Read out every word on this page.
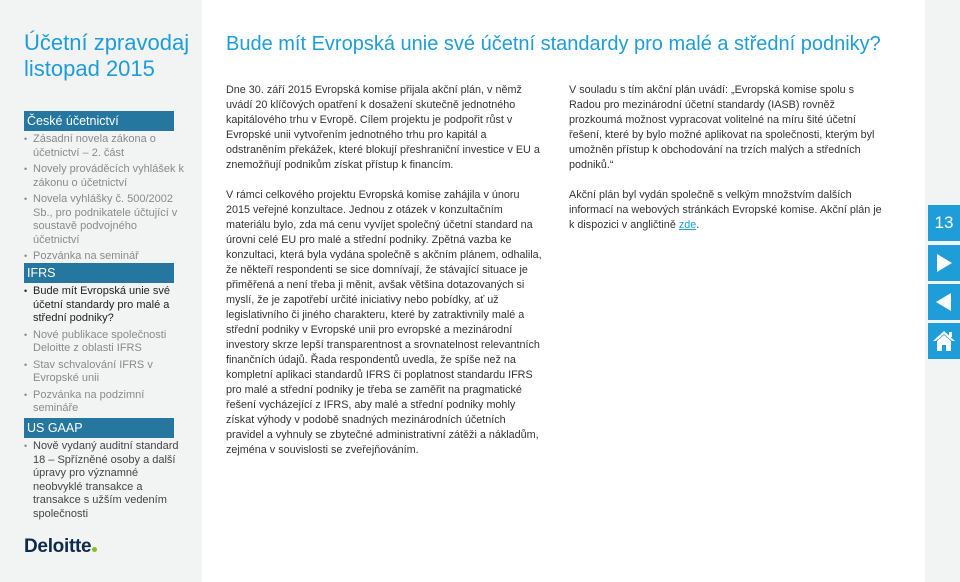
Účetní zpravodaj
listopad 2015
České účetnictví
• Zásadní novela zákona o účetnictví – 2. část
• Novely prováděcích vyhlášek k zákonu o účetnictví
• Novela vyhlášky č. 500/2002 Sb., pro podnikatele účtující v soustavě podvojného účetnictví
• Pozvánka na seminář
IFRS
• Bude mít Evropská unie své účetní standardy pro malé a střední podniky?
• Nové publikace společnosti Deloitte z oblasti IFRS
• Stav schvalování IFRS v Evropské unii
• Pozvánka na podzimní semináře
US GAAP
• Nově vydaný auditní standard 18 – Spřízněné osoby a další úpravy pro významné neobvyklé transakce a transakce s užším vedením společnosti
Deloitte
Bude mít Evropská unie své účetní standardy pro malé a střední podniky?

Dne 30. září 2015 Evropská komise přijala akční plán, v němž uvádí 20 klíčových opatření k dosažení skutečně jednotného kapitálového trhu v Evropě. Cílem projektu je podpořit růst v Evropské unii vytvořením jednotného trhu pro kapitál a odstraněním překážek, které blokují přeshraniční investice v EU a znemožňují podnikům získat přístup k financím.

V rámci celkového projektu Evropská komise zahájila v únoru 2015 veřejné konzultace. Jednou z otázek v konzultačním materiálu bylo, zda má cenu vyvíjet společný účetní standard na úrovni celé EU pro malé a střední podniky. Zpětná vazba ke konzultaci, která byla vydána společně s akčním plánem, odhalila, že někteří respondenti se sice domnívají, že stávající situace je přiměřená a není třeba ji měnit, avšak většina dotazovaných si myslí, že je zapotřebí určité iniciativy nebo pobídky, ať už legislativního či jiného charakteru, které by zatraktivnily malé a střední podniky v Evropské unii pro evropské a mezinárodní investory skrze lepší transparentnost a srovnatelnost relevantních finančních údajů. Řada respondentů uvedla, že spíše než na kompletní aplikaci standardů IFRS či poplatnost standardu IFRS pro malé a střední podniky je třeba se zaměřit na pragmatické řešení vycházející z IFRS, aby malé a střední podniky mohly získat výhody v podobě snadných mezinárodních účetních pravidel a vyhnuly se zbytečné administrativní zátěži a nákladům, zejména v souvislosti se zveřejňováním.

V souladu s tím akční plán uvádí: „Evropská komise spolu s Radou pro mezinárodní účetní standardy (IASB) rovněž prozkoumá možnost vypracovat volitelné na míru šité účetní řešení, které by bylo možné aplikovat na společnosti, kterým byl umožněn přístup k obchodování na trzích malých a středních podniků.“

Akční plán byl vydán společně s velkým množstvím dalších informací na webových stránkách Evropské komise. Akční plán je k dispozici v angličtině zde.	13
